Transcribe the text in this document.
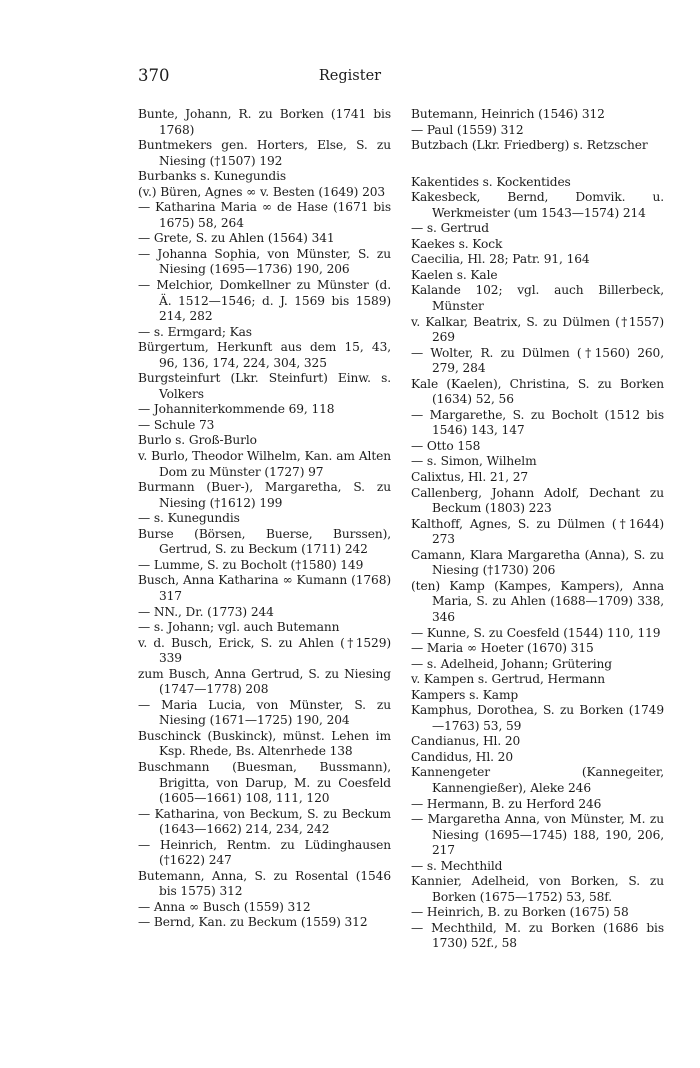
370	Register

Bunte, Johann, R. zu Borken (1741 bis 1768)

Buntmekers gen. Horters, Else, S. zu Niesing (†1507) 192

Burbanks s. Kunegundis

(v.) Büren, Agnes ∞ v. Besten (1649) 203

— Katharina Maria ∞ de Hase (1671 bis 1675) 58, 264

— Grete, S. zu Ahlen (1564) 341

— Johanna Sophia, von Münster, S. zu Niesing (1695—1736) 190, 206

— Melchior, Domkellner zu Münster (d. Ä. 1512—1546; d. J. 1569 bis 1589) 214, 282

— s. Ermgard; Kas

Bürgertum, Herkunft aus dem 15, 43, 96, 136, 174, 224, 304, 325

Burgsteinfurt (Lkr. Steinfurt) Einw. s. Volkers

— Johanniterkommende 69, 118

— Schule 73

Burlo s. Groß-Burlo

v. Burlo, Theodor Wilhelm, Kan. am Alten Dom zu Münster (1727) 97

Burmann (Buer-), Margaretha, S. zu Niesing (†1612) 199

— s. Kunegundis

Burse (Börsen, Buerse, Burssen), Gertrud, S. zu Beckum (1711) 242

— Lumme, S. zu Bocholt (†1580) 149

Busch, Anna Katharina ∞ Kumann (1768) 317

— NN., Dr. (1773) 244

— s. Johann; vgl. auch Butemann

v. d. Busch, Erick, S. zu Ahlen (†1529) 339

zum Busch, Anna Gertrud, S. zu Niesing (1747—1778) 208

— Maria Lucia, von Münster, S. zu Niesing (1671—1725) 190, 204

Buschinck (Buskinck), münst. Lehen im Ksp. Rhede, Bs. Altenrhede 138

Buschmann (Buesman, Bussmann), Brigitta, von Darup, M. zu Coesfeld (1605—1661) 108, 111, 120

— Katharina, von Beckum, S. zu Beckum (1643—1662) 214, 234, 242

— Heinrich, Rentm. zu Lüdinghausen (†1622) 247

Butemann, Anna, S. zu Rosental (1546 bis 1575) 312

— Anna ∞ Busch (1559) 312

— Bernd, Kan. zu Beckum (1559) 312

Butemann, Heinrich (1546) 312

— Paul (1559) 312

Butzbach (Lkr. Friedberg) s. Retzscher

Kakentides s. Kockentides

Kakesbeck, Bernd, Domvik. u. Werkmeister (um 1543—1574) 214

— s. Gertrud

Kaekes s. Kock

Caecilia, Hl. 28; Patr. 91, 164

Kaelen s. Kale

Kalande 102; vgl. auch Billerbeck, Münster

v. Kalkar, Beatrix, S. zu Dülmen (†1557) 269

— Wolter, R. zu Dülmen (†1560) 260, 279, 284

Kale (Kaelen), Christina, S. zu Borken (1634) 52, 56

— Margarethe, S. zu Bocholt (1512 bis 1546) 143, 147

— Otto 158

— s. Simon, Wilhelm

Calixtus, Hl. 21, 27

Callenberg, Johann Adolf, Dechant zu Beckum (1803) 223

Kalthoff, Agnes, S. zu Dülmen (†1644) 273

Camann, Klara Margaretha (Anna), S. zu Niesing (†1730) 206

(ten) Kamp (Kampes, Kampers), Anna Maria, S. zu Ahlen (1688—1709) 338, 346

— Kunne, S. zu Coesfeld (1544) 110, 119

— Maria ∞ Hoeter (1670) 315

— s. Adelheid, Johann; Grütering

v. Kampen s. Gertrud, Hermann

Kampers s. Kamp

Kamphus, Dorothea, S. zu Borken (1749—1763) 53, 59

Candianus, Hl. 20

Candidus, Hl. 20

Kannengeter (Kannegeiter, Kannengießer), Aleke 246

— Hermann, B. zu Herford 246

— Margaretha Anna, von Münster, M. zu Niesing (1695—1745) 188, 190, 206, 217

— s. Mechthild

Kannier, Adelheid, von Borken, S. zu Borken (1675—1752) 53, 58f.

— Heinrich, B. zu Borken (1675) 58

— Mechthild, M. zu Borken (1686 bis 1730) 52f., 58
